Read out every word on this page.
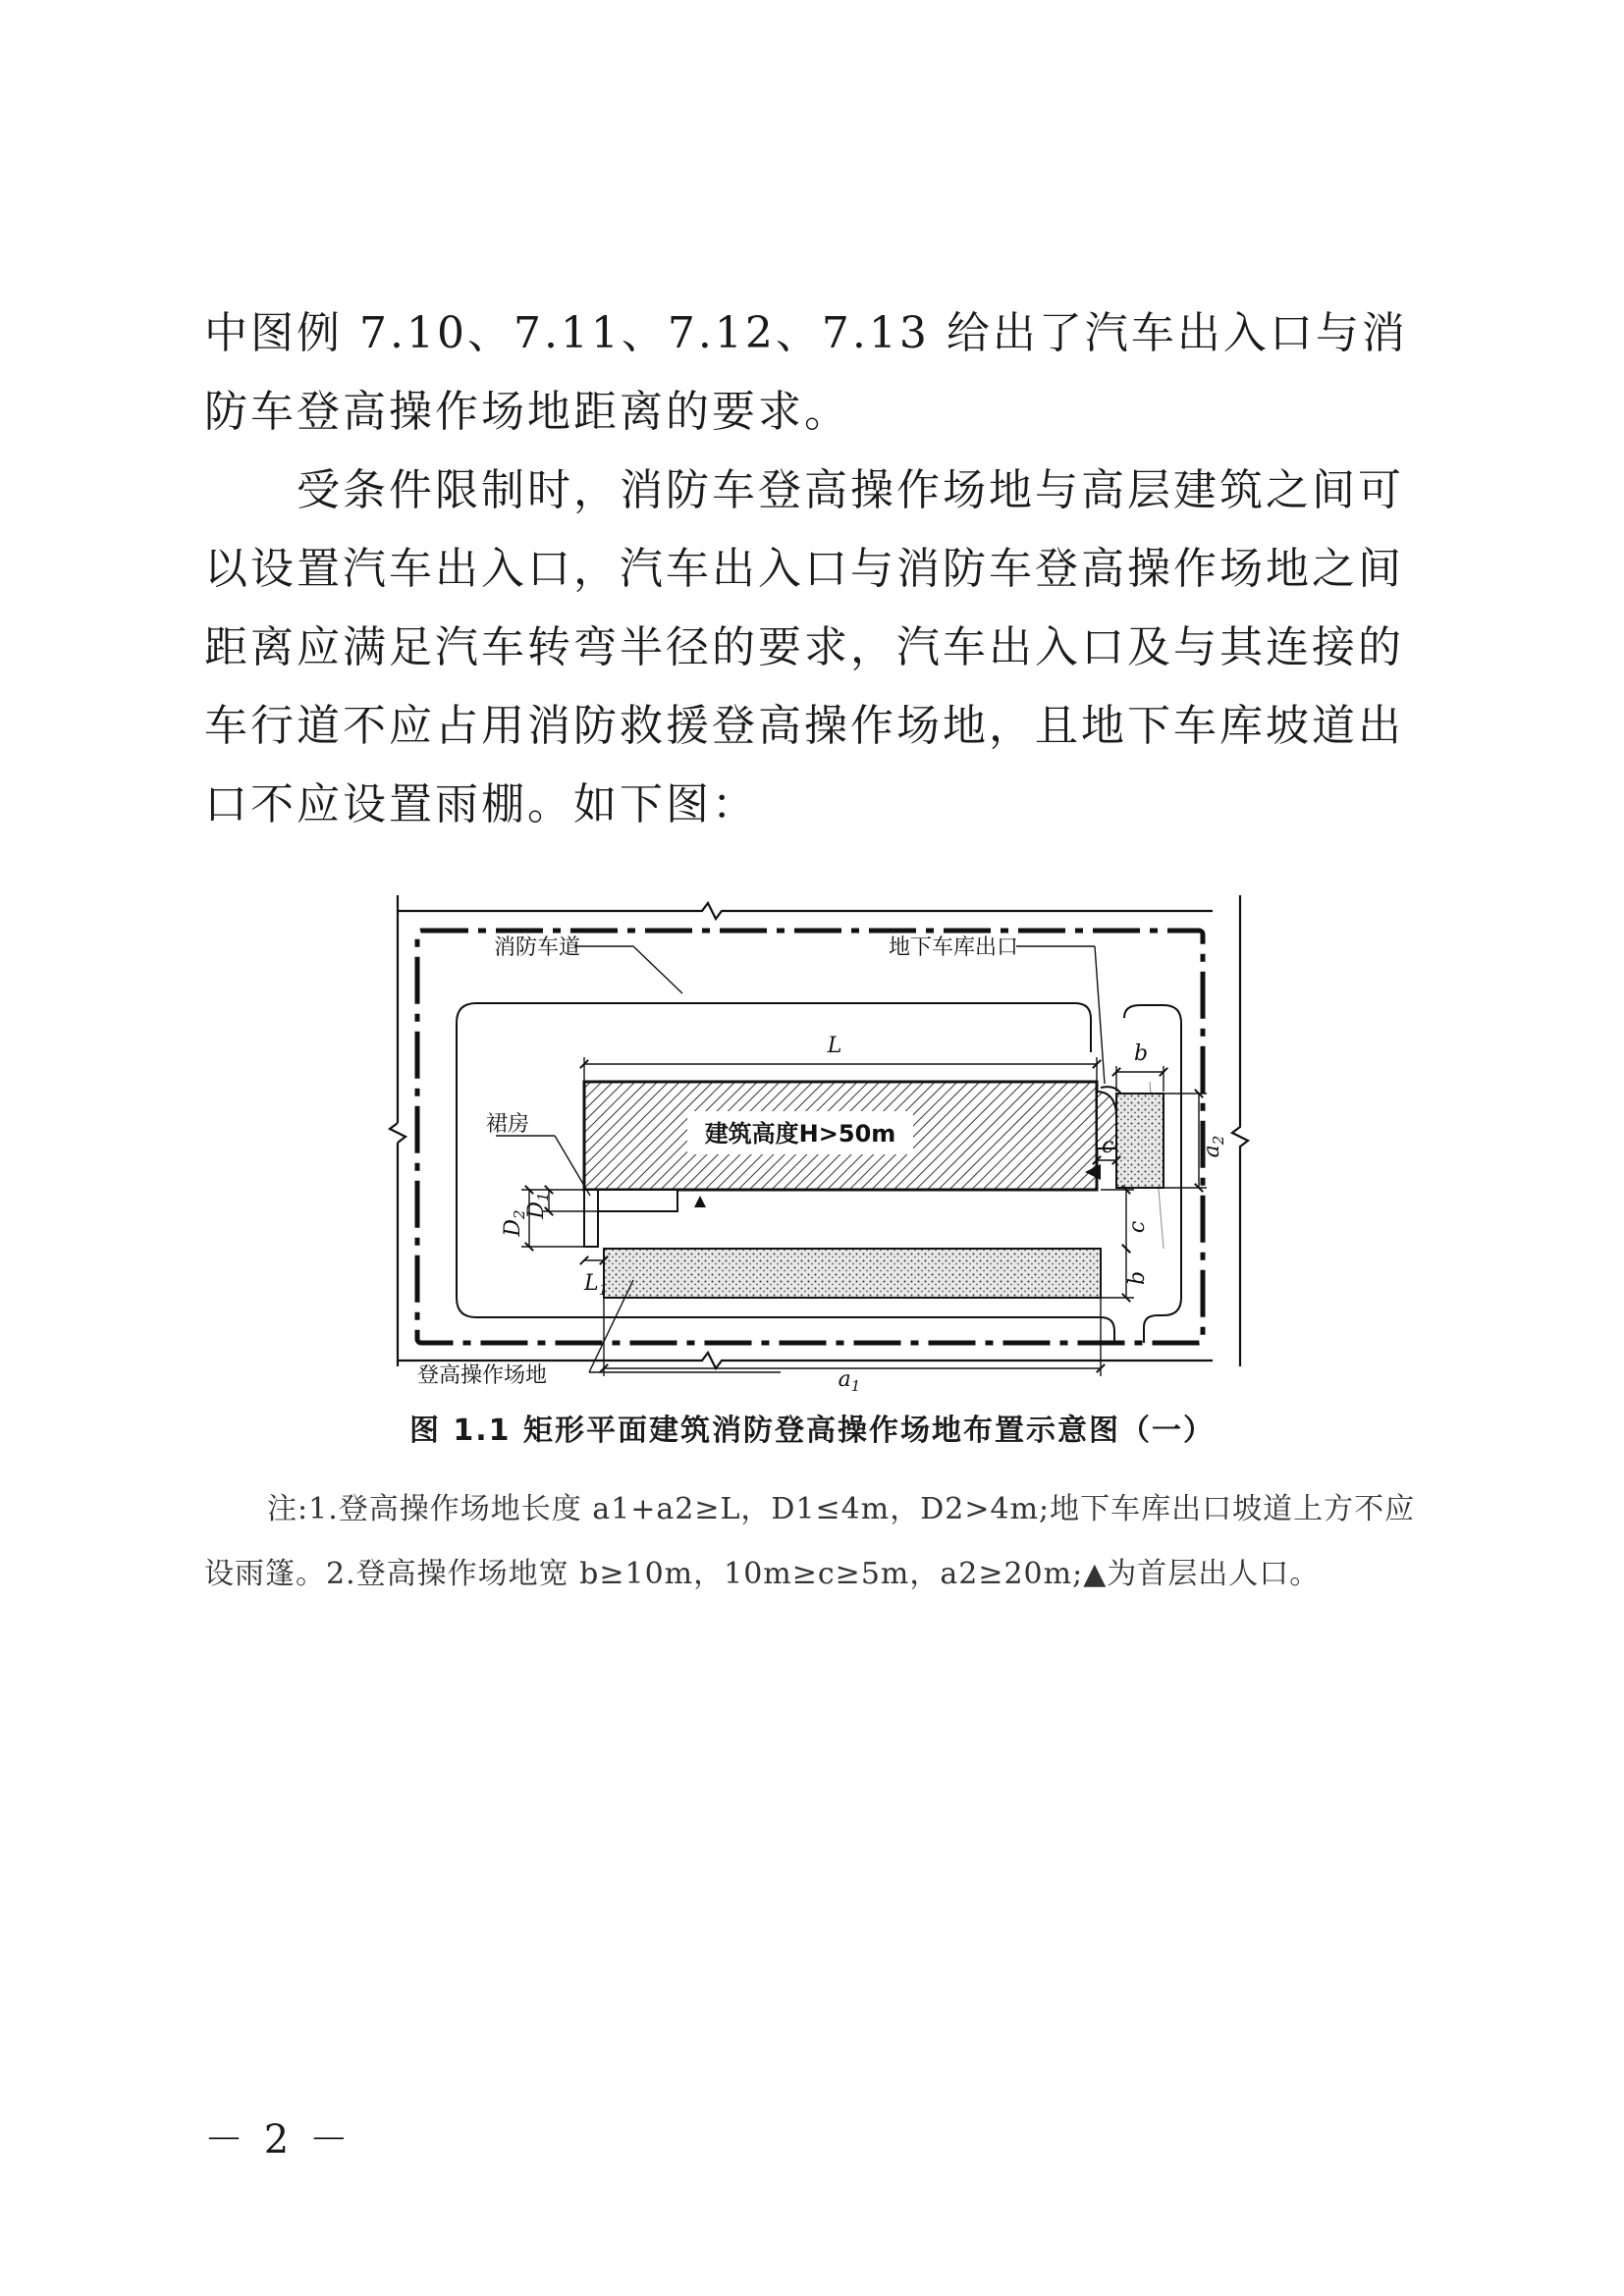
中图例 7.10、7.11、7.12、7.13 给出了汽车出入口与消防车登高操作场地距离的要求。

受条件限制时，消防车登高操作场地与高层建筑之间可以设置汽车出入口，汽车出入口与消防车登高操作场地之间距离应满足汽车转弯半径的要求，汽车出入口及与其连接的车行道不应占用消防救援登高操作场地，且地下车库坡道出口不应设置雨棚。如下图：

建筑高度H>50m
消防车道	地下车库出口
裙房
登高操作场地
L	b
c
c
b
$a_2$
$a_1$
$D_2$
$D_1$
$L_1$
图 1.1 矩形平面建筑消防登高操作场地布置示意图（一）

注:1.登高操作场地长度 a1+a2≥L，D1≤4m，D2>4m;地下车库出口坡道上方不应设雨篷。2.登高操作场地宽 b≥10m，10m≥c≥5m，a2≥20m;▲为首层出人口。

－ 2 －
